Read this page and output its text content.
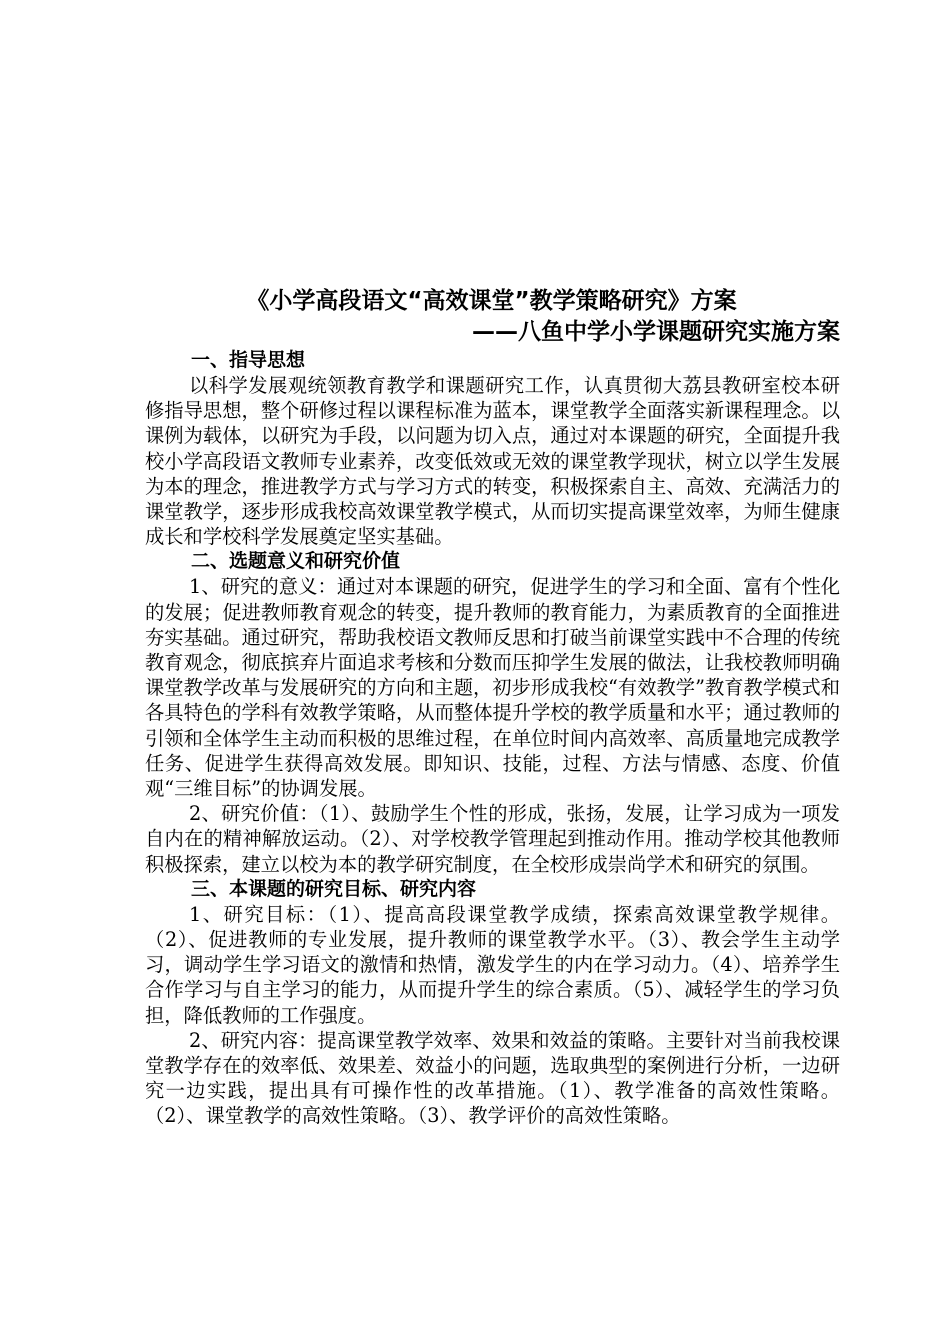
《小学高段语文“高效课堂”教学策略研究》方案
——八鱼中学小学课题研究实施方案
一、指导思想

以科学发展观统领教育教学和课题研究工作，认真贯彻大荔县教研室校本研修指导思想，整个研修过程以课程标准为蓝本，课堂教学全面落实新课程理念。以课例为载体，以研究为手段，以问题为切入点，通过对本课题的研究，全面提升我校小学高段语文教师专业素养，改变低效或无效的课堂教学现状，树立以学生发展为本的理念，推进教学方式与学习方式的转变，积极探索自主、高效、充满活力的课堂教学，逐步形成我校高效课堂教学模式，从而切实提高课堂效率，为师生健康成长和学校科学发展奠定坚实基础。

二、选题意义和研究价值

1、研究的意义：通过对本课题的研究，促进学生的学习和全面、富有个性化的发展；促进教师教育观念的转变，提升教师的教育能力，为素质教育的全面推进夯实基础。通过研究，帮助我校语文教师反思和打破当前课堂实践中不合理的传统教育观念，彻底摈弃片面追求考核和分数而压抑学生发展的做法，让我校教师明确课堂教学改革与发展研究的方向和主题，初步形成我校“有效教学”教育教学模式和各具特色的学科有效教学策略，从而整体提升学校的教学质量和水平；通过教师的引领和全体学生主动而积极的思维过程，在单位时间内高效率、高质量地完成教学任务、促进学生获得高效发展。即知识、技能，过程、方法与情感、态度、价值观“三维目标”的协调发展。

2、研究价值：（1）、鼓励学生个性的形成，张扬，发展，让学习成为一项发自内在的精神解放运动。（2）、对学校教学管理起到推动作用。推动学校其他教师积极探索，建立以校为本的教学研究制度，在全校形成崇尚学术和研究的氛围。

三、本课题的研究目标、研究内容

1、研究目标：（1）、提高高段课堂教学成绩，探索高效课堂教学规律。（2）、促进教师的专业发展，提升教师的课堂教学水平。（3）、教会学生主动学习，调动学生学习语文的激情和热情，激发学生的内在学习动力。（4）、培养学生合作学习与自主学习的能力，从而提升学生的综合素质。（5）、减轻学生的学习负担，降低教师的工作强度。

2、研究内容：提高课堂教学效率、效果和效益的策略。主要针对当前我校课堂教学存在的效率低、效果差、效益小的问题，选取典型的案例进行分析，一边研究一边实践，提出具有可操作性的改革措施。（1）、教学准备的高效性策略。（2）、课堂教学的高效性策略。（3）、教学评价的高效性策略。
